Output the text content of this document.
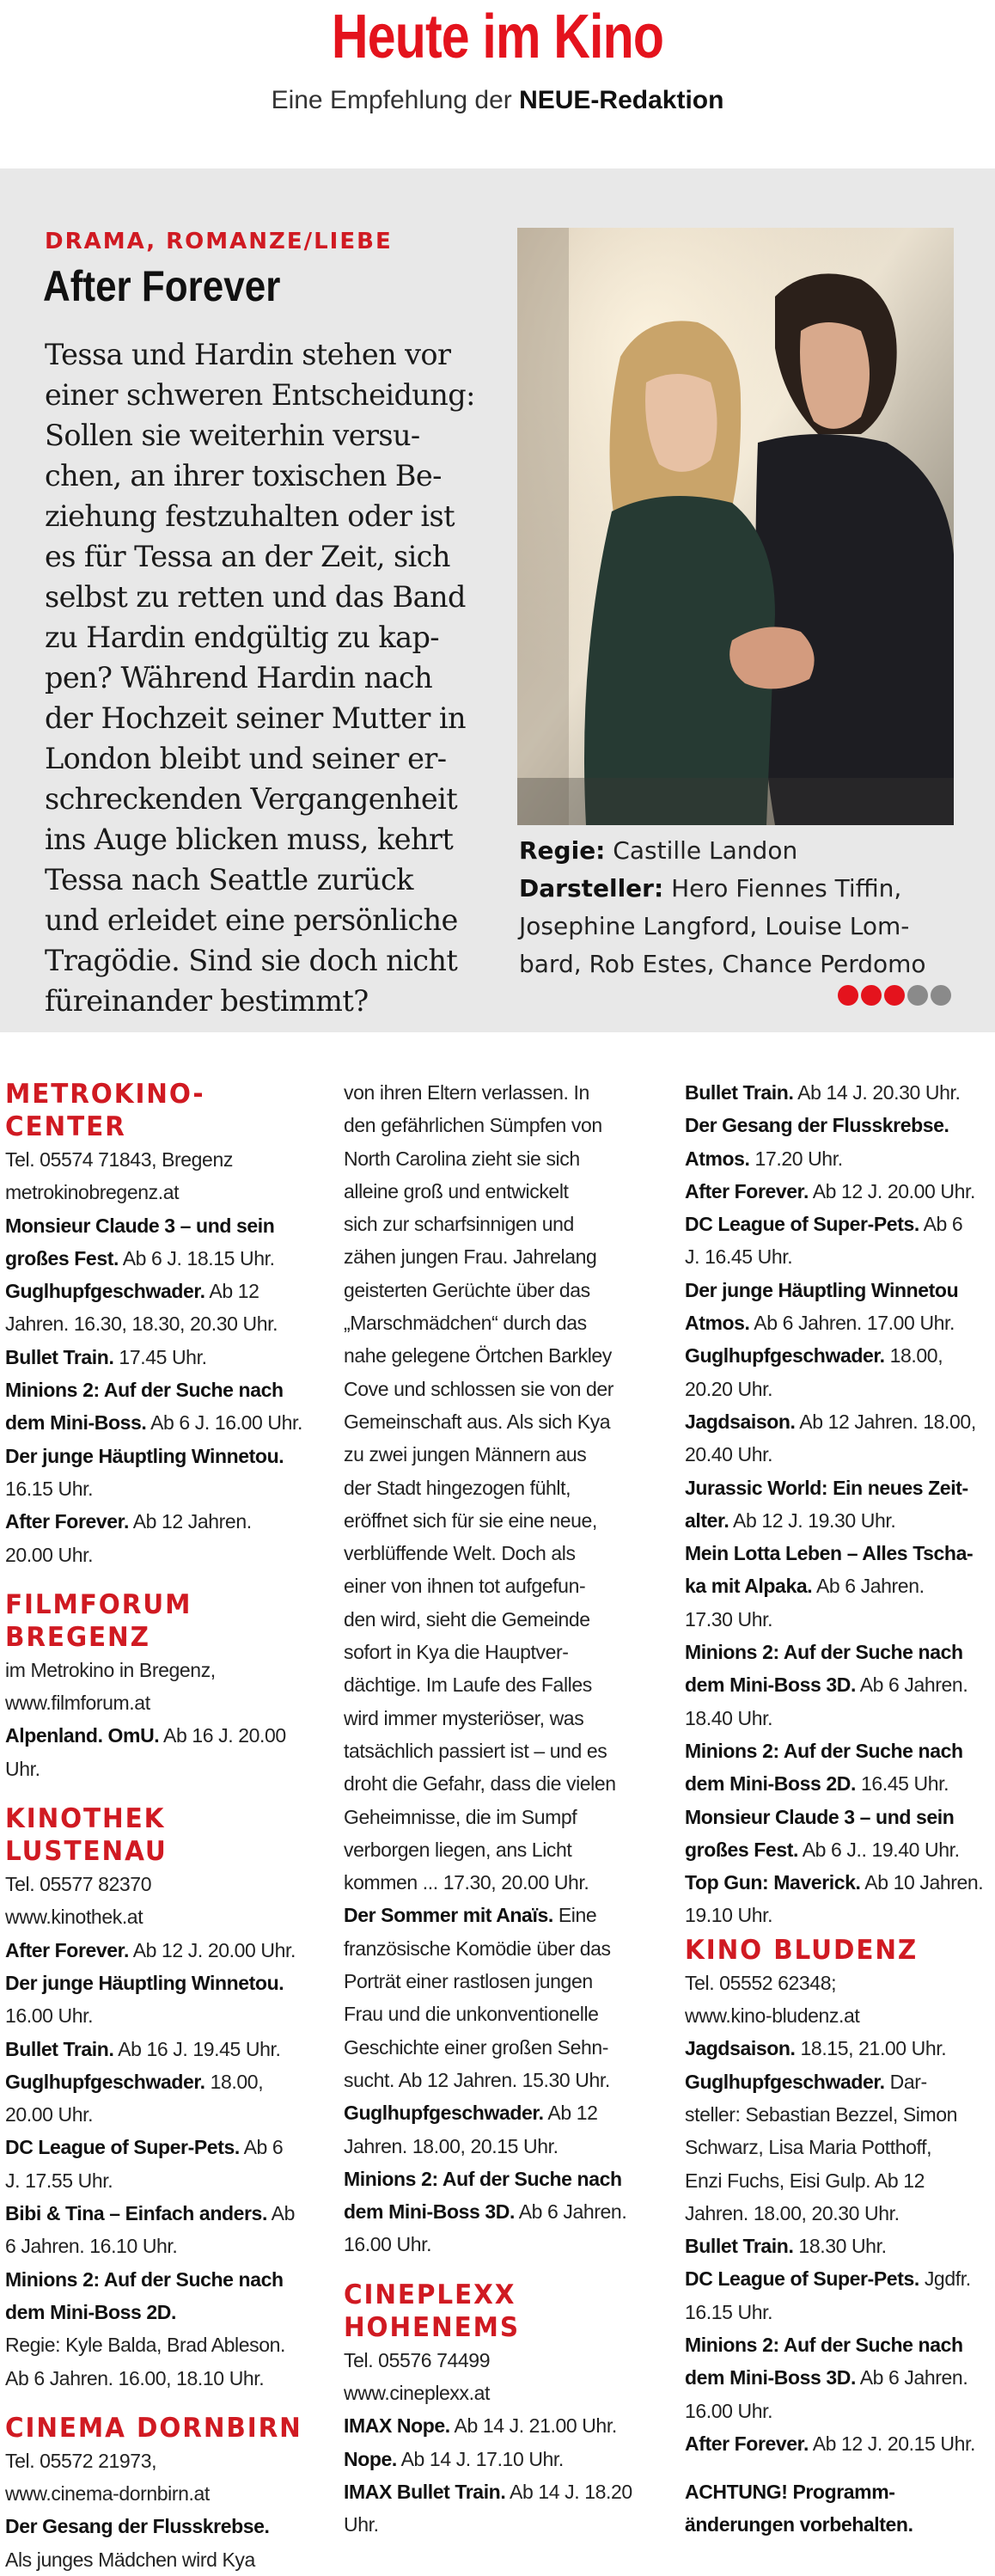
Heute im Kino
Eine Empfehlung der NEUE-Redaktion
DRAMA, ROMANZE/LIEBE
After Forever
Tessa und Hardin stehen vor
einer schweren Entscheidung:
Sollen sie weiterhin versu-
chen, an ihrer toxischen Be-
ziehung festzuhalten oder ist
es für Tessa an der Zeit, sich
selbst zu retten und das Band
zu Hardin endgültig zu kap-
pen? Während Hardin nach
der Hochzeit seiner Mutter in
London bleibt und seiner er-
schreckenden Vergangenheit
ins Auge blicken muss, kehrt
Tessa nach Seattle zurück
und erleidet eine persönliche
Tragödie. Sind sie doch nicht
füreinander bestimmt?
Regie: Castille Landon
Darsteller: Hero Fiennes Tiffin,
Josephine Langford, Louise Lom-
bard, Rob Estes, Chance Perdomo
METROKINO-
CENTER

Tel. 05574 71843, Bregenz

metrokinobregenz.at

Monsieur Claude 3 – und sein

großes Fest. Ab 6 J. 18.15 Uhr.

Guglhupfgeschwader. Ab 12

Jahren. 16.30, 18.30, 20.30 Uhr.

Bullet Train. 17.45 Uhr.

Minions 2: Auf der Suche nach

dem Mini-Boss. Ab 6 J. 16.00 Uhr.

Der junge Häuptling Winnetou.

16.15 Uhr.

After Forever. Ab 12 Jahren.

20.00 Uhr.

FILMFORUM
BREGENZ

im Metrokino in Bregenz,

www.filmforum.at

Alpenland. OmU. Ab 16 J. 20.00 Uhr.

KINOTHEK
LUSTENAU

Tel. 05577 82370

www.kinothek.at

After Forever. Ab 12 J. 20.00 Uhr.

Der junge Häuptling Winnetou.

16.00 Uhr.

Bullet Train. Ab 16 J. 19.45 Uhr.

Guglhupfgeschwader. 18.00,

20.00 Uhr.

DC League of Super-Pets. Ab 6

J. 17.55 Uhr.

Bibi & Tina – Einfach anders. Ab

6 Jahren. 16.10 Uhr.

Minions 2: Auf der Suche nach

dem Mini-Boss 2D.

Regie: Kyle Balda, Brad Ableson.

Ab 6 Jahren. 16.00, 18.10 Uhr.

CINEMA DORNBIRN

Tel. 05572 21973,

www.cinema-dornbirn.at

Der Gesang der Flusskrebse.

Als junges Mädchen wird Kya

von ihren Eltern verlassen. In

den gefährlichen Sümpfen von

North Carolina zieht sie sich

alleine groß und entwickelt

sich zur scharfsinnigen und

zähen jungen Frau. Jahrelang

geisterten Gerüchte über das

„Marschmädchen“ durch das

nahe gelegene Örtchen Barkley

Cove und schlossen sie von der

Gemeinschaft aus. Als sich Kya

zu zwei jungen Männern aus

der Stadt hingezogen fühlt,

eröffnet sich für sie eine neue,

verblüffende Welt. Doch als

einer von ihnen tot aufgefun-

den wird, sieht die Gemeinde

sofort in Kya die Hauptver-

dächtige. Im Laufe des Falles

wird immer mysteriöser, was

tatsächlich passiert ist – und es

droht die Gefahr, dass die vielen

Geheimnisse, die im Sumpf

verborgen liegen, ans Licht

kommen ... 17.30, 20.00 Uhr.

Der Sommer mit Anaïs. Eine

französische Komödie über das

Porträt einer rastlosen jungen

Frau und die unkonventionelle

Geschichte einer großen Sehn-

sucht. Ab 12 Jahren. 15.30 Uhr.

Guglhupfgeschwader. Ab 12

Jahren. 18.00, 20.15 Uhr.

Minions 2: Auf der Suche nach

dem Mini-Boss 3D. Ab 6 Jahren.

16.00 Uhr.

CINEPLEXX
HOHENEMS

Tel. 05576 74499

www.cineplexx.at

IMAX Nope. Ab 14 J. 21.00 Uhr.

Nope. Ab 14 J. 17.10 Uhr.

IMAX Bullet Train. Ab 14 J. 18.20

Uhr.

Bullet Train. Ab 14 J. 20.30 Uhr.

Der Gesang der Flusskrebse.

Atmos. 17.20 Uhr.

After Forever. Ab 12 J. 20.00 Uhr.

DC League of Super-Pets. Ab 6

J. 16.45 Uhr.

Der junge Häuptling Winnetou

Atmos. Ab 6 Jahren. 17.00 Uhr.

Guglhupfgeschwader. 18.00,

20.20 Uhr.

Jagdsaison. Ab 12 Jahren. 18.00,

20.40 Uhr.

Jurassic World: Ein neues Zeit-

alter. Ab 12 J. 19.30 Uhr.

Mein Lotta Leben – Alles Tscha-

ka mit Alpaka. Ab 6 Jahren.

17.30 Uhr.

Minions 2: Auf der Suche nach

dem Mini-Boss 3D. Ab 6 Jahren.

18.40 Uhr.

Minions 2: Auf der Suche nach

dem Mini-Boss 2D. 16.45 Uhr.

Monsieur Claude 3 – und sein

großes Fest. Ab 6 J.. 19.40 Uhr.

Top Gun: Maverick. Ab 10 Jahren.

19.10 Uhr.

KINO BLUDENZ

Tel. 05552 62348;

www.kino-bludenz.at

Jagdsaison. 18.15, 21.00 Uhr.

Guglhupfgeschwader. Dar-

steller: Sebastian Bezzel, Simon

Schwarz, Lisa Maria Potthoff,

Enzi Fuchs, Eisi Gulp. Ab 12

Jahren. 18.00, 20.30 Uhr.

Bullet Train. 18.30 Uhr.

DC League of Super-Pets. Jgdfr.

16.15 Uhr.

Minions 2: Auf der Suche nach

dem Mini-Boss 3D. Ab 6 Jahren.

16.00 Uhr.

After Forever. Ab 12 J. 20.15 Uhr.

ACHTUNG! Programm-

änderungen vorbehalten.
